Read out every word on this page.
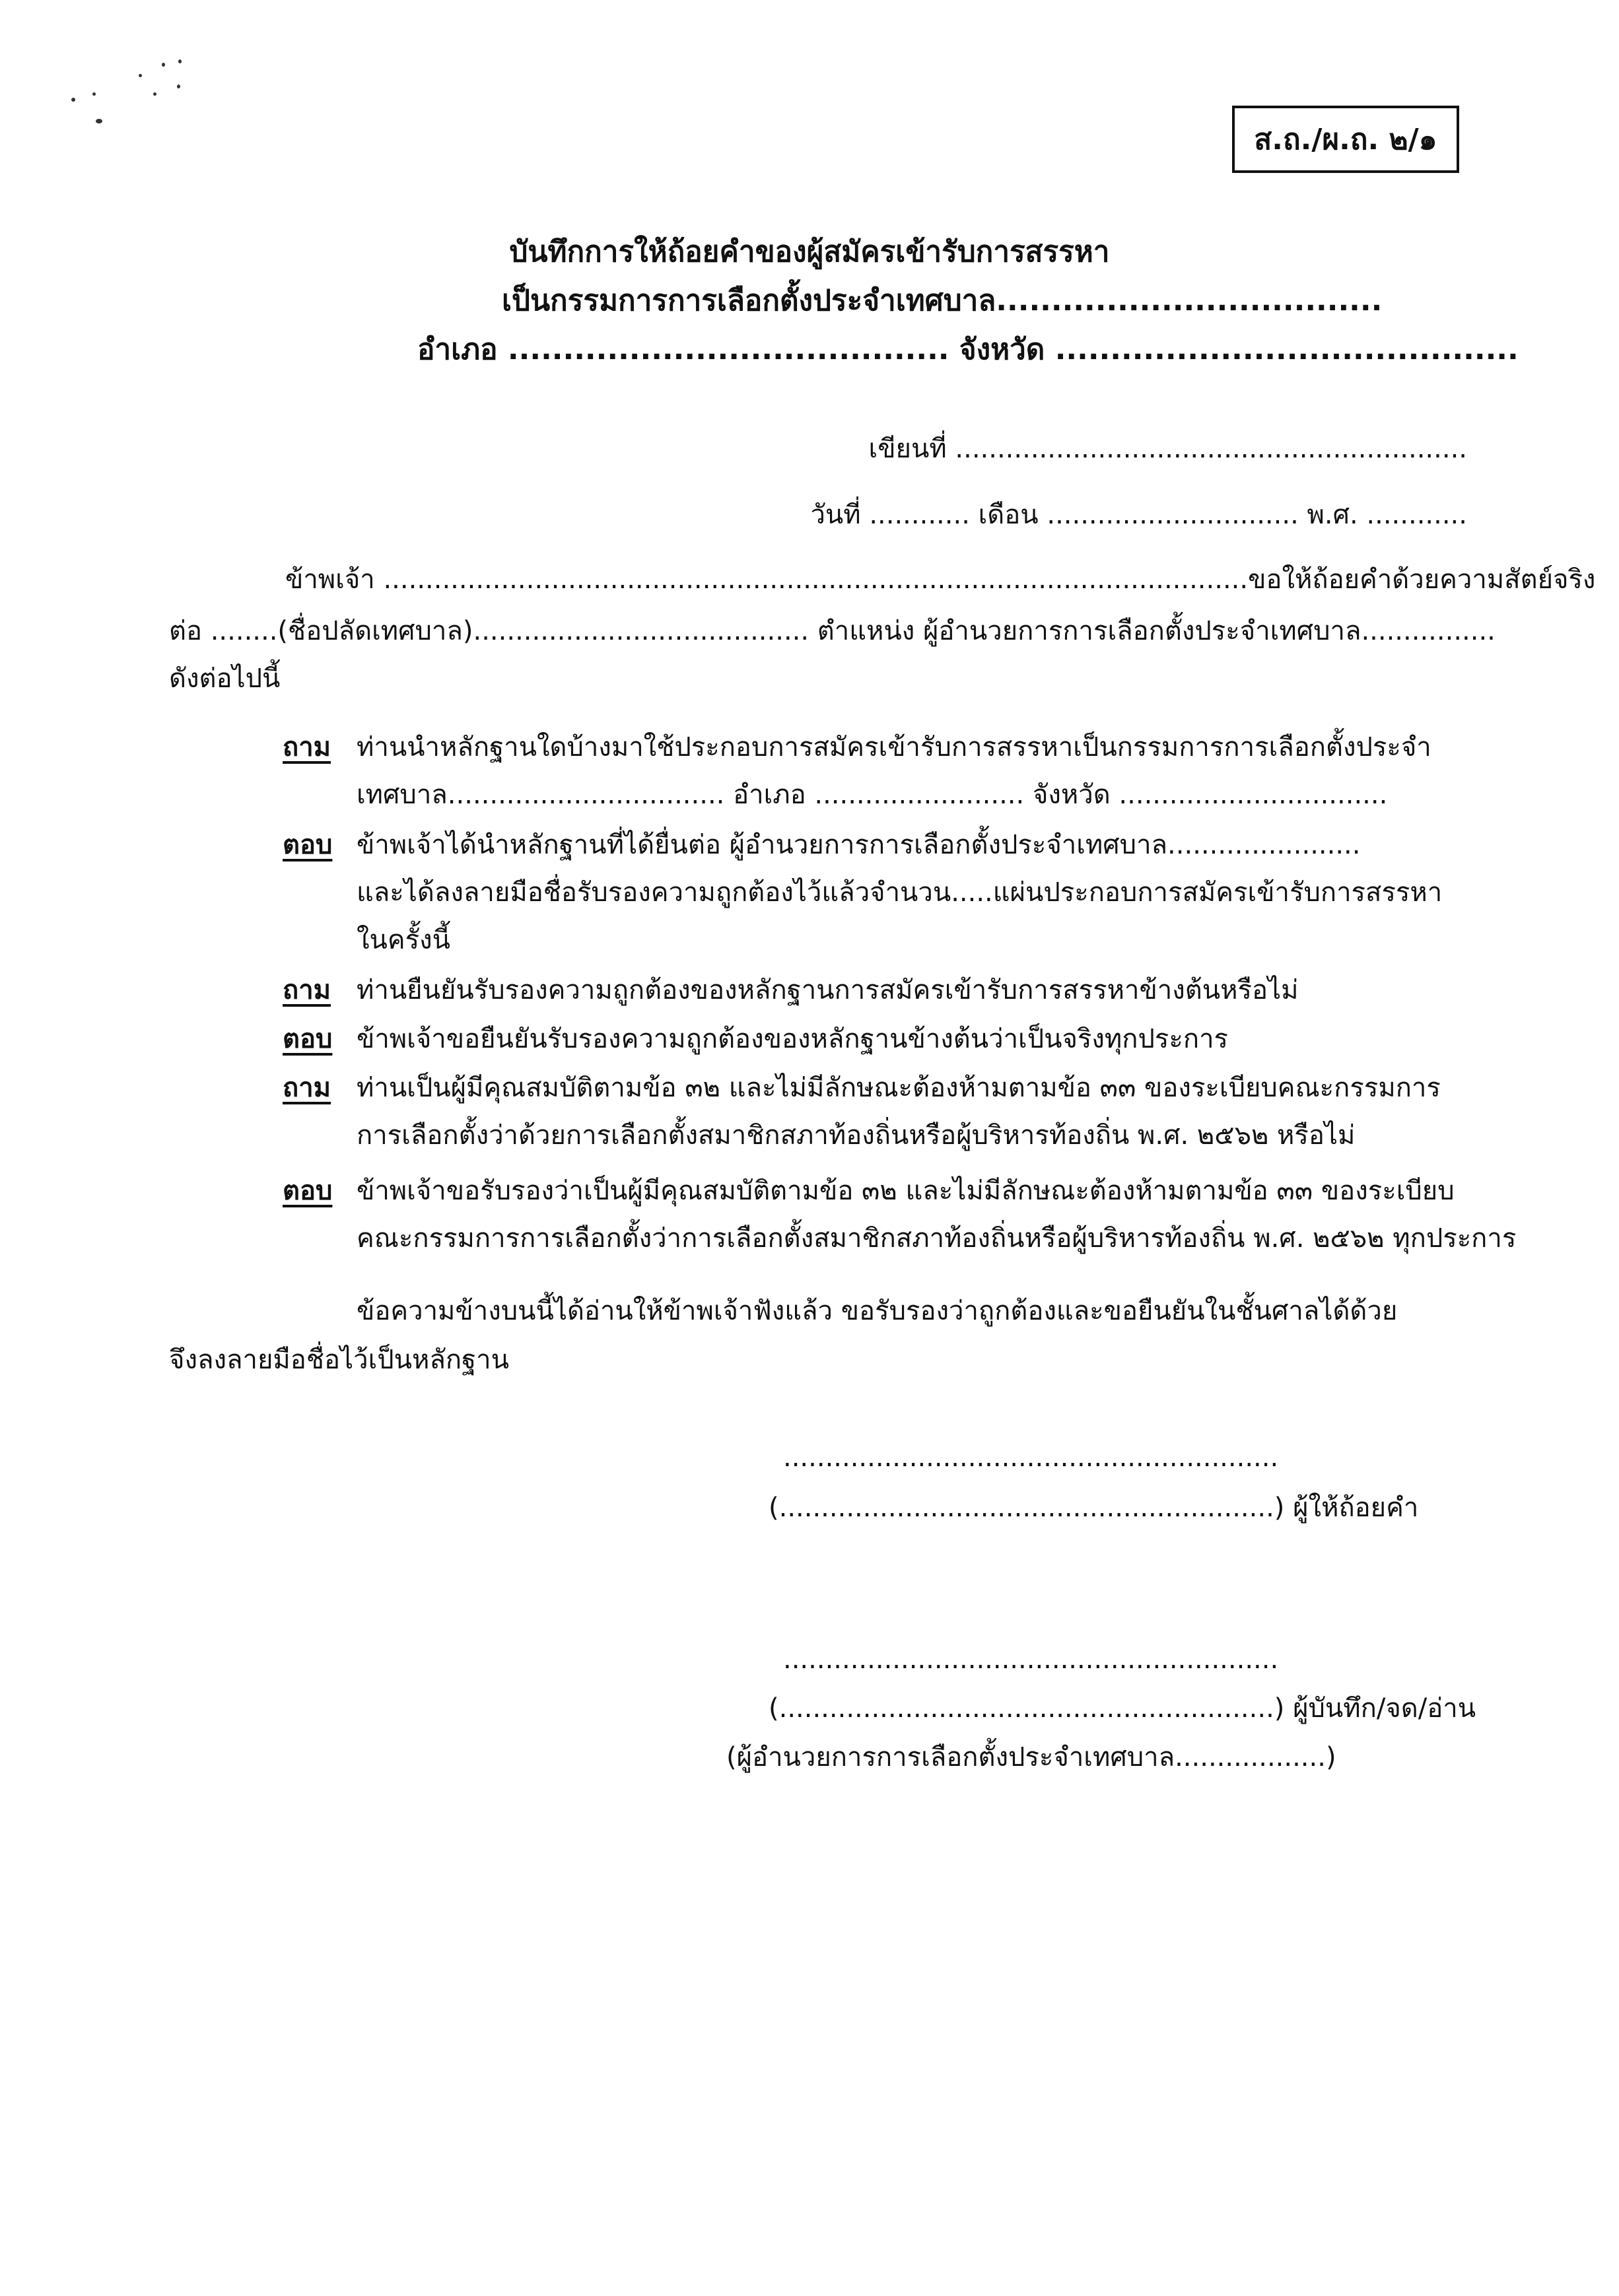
ส.ถ./ผ.ถ. ๒/๑
บันทึกการให้ถ้อยคำของผู้สมัครเข้ารับการสรรหา
เป็นกรรมการการเลือกตั้งประจำเทศบาล...................................
อำเภอ ........................................ จังหวัด ..........................................
เขียนที่ .............................................................
วันที่ ............ เดือน .............................. พ.ศ. ............
ข้าพเจ้า .......................................................................................................ขอให้ถ้อยคำด้วยความสัตย์จริง
ต่อ ........(ชื่อปลัดเทศบาล)........................................ ตำแหน่ง ผู้อำนวยการการเลือกตั้งประจำเทศบาล................
ดังต่อไปนี้
ถาม ท่านนำหลักฐานใดบ้างมาใช้ประกอบการสมัครเข้ารับการสรรหาเป็นกรรมการการเลือกตั้งประจำ
เทศบาล................................. อำเภอ ......................... จังหวัด ................................
ตอบ ข้าพเจ้าได้นำหลักฐานที่ได้ยื่นต่อ ผู้อำนวยการการเลือกตั้งประจำเทศบาล.......................
และได้ลงลายมือชื่อรับรองความถูกต้องไว้แล้วจำนวน.....แผ่นประกอบการสมัครเข้ารับการสรรหา
ในครั้งนี้
ถาม ท่านยืนยันรับรองความถูกต้องของหลักฐานการสมัครเข้ารับการสรรหาข้างต้นหรือไม่
ตอบ ข้าพเจ้าขอยืนยันรับรองความถูกต้องของหลักฐานข้างต้นว่าเป็นจริงทุกประการ
ถาม ท่านเป็นผู้มีคุณสมบัติตามข้อ ๓๒ และไม่มีลักษณะต้องห้ามตามข้อ ๓๓ ของระเบียบคณะกรรมการ
การเลือกตั้งว่าด้วยการเลือกตั้งสมาชิกสภาท้องถิ่นหรือผู้บริหารท้องถิ่น พ.ศ. ๒๕๖๒ หรือไม่
ตอบ ข้าพเจ้าขอรับรองว่าเป็นผู้มีคุณสมบัติตามข้อ ๓๒ และไม่มีลักษณะต้องห้ามตามข้อ ๓๓ ของระเบียบ
คณะกรรมการการเลือกตั้งว่าการเลือกตั้งสมาชิกสภาท้องถิ่นหรือผู้บริหารท้องถิ่น พ.ศ. ๒๕๖๒ ทุกประการ
ข้อความข้างบนนี้ได้อ่านให้ข้าพเจ้าฟังแล้ว ขอรับรองว่าถูกต้องและขอยืนยันในชั้นศาลได้ด้วย
จึงลงลายมือชื่อไว้เป็นหลักฐาน
...........................................................
(...........................................................) ผู้ให้ถ้อยคำ
...........................................................
(...........................................................) ผู้บันทึก/จด/อ่าน
(ผู้อำนวยการการเลือกตั้งประจำเทศบาล..................)
